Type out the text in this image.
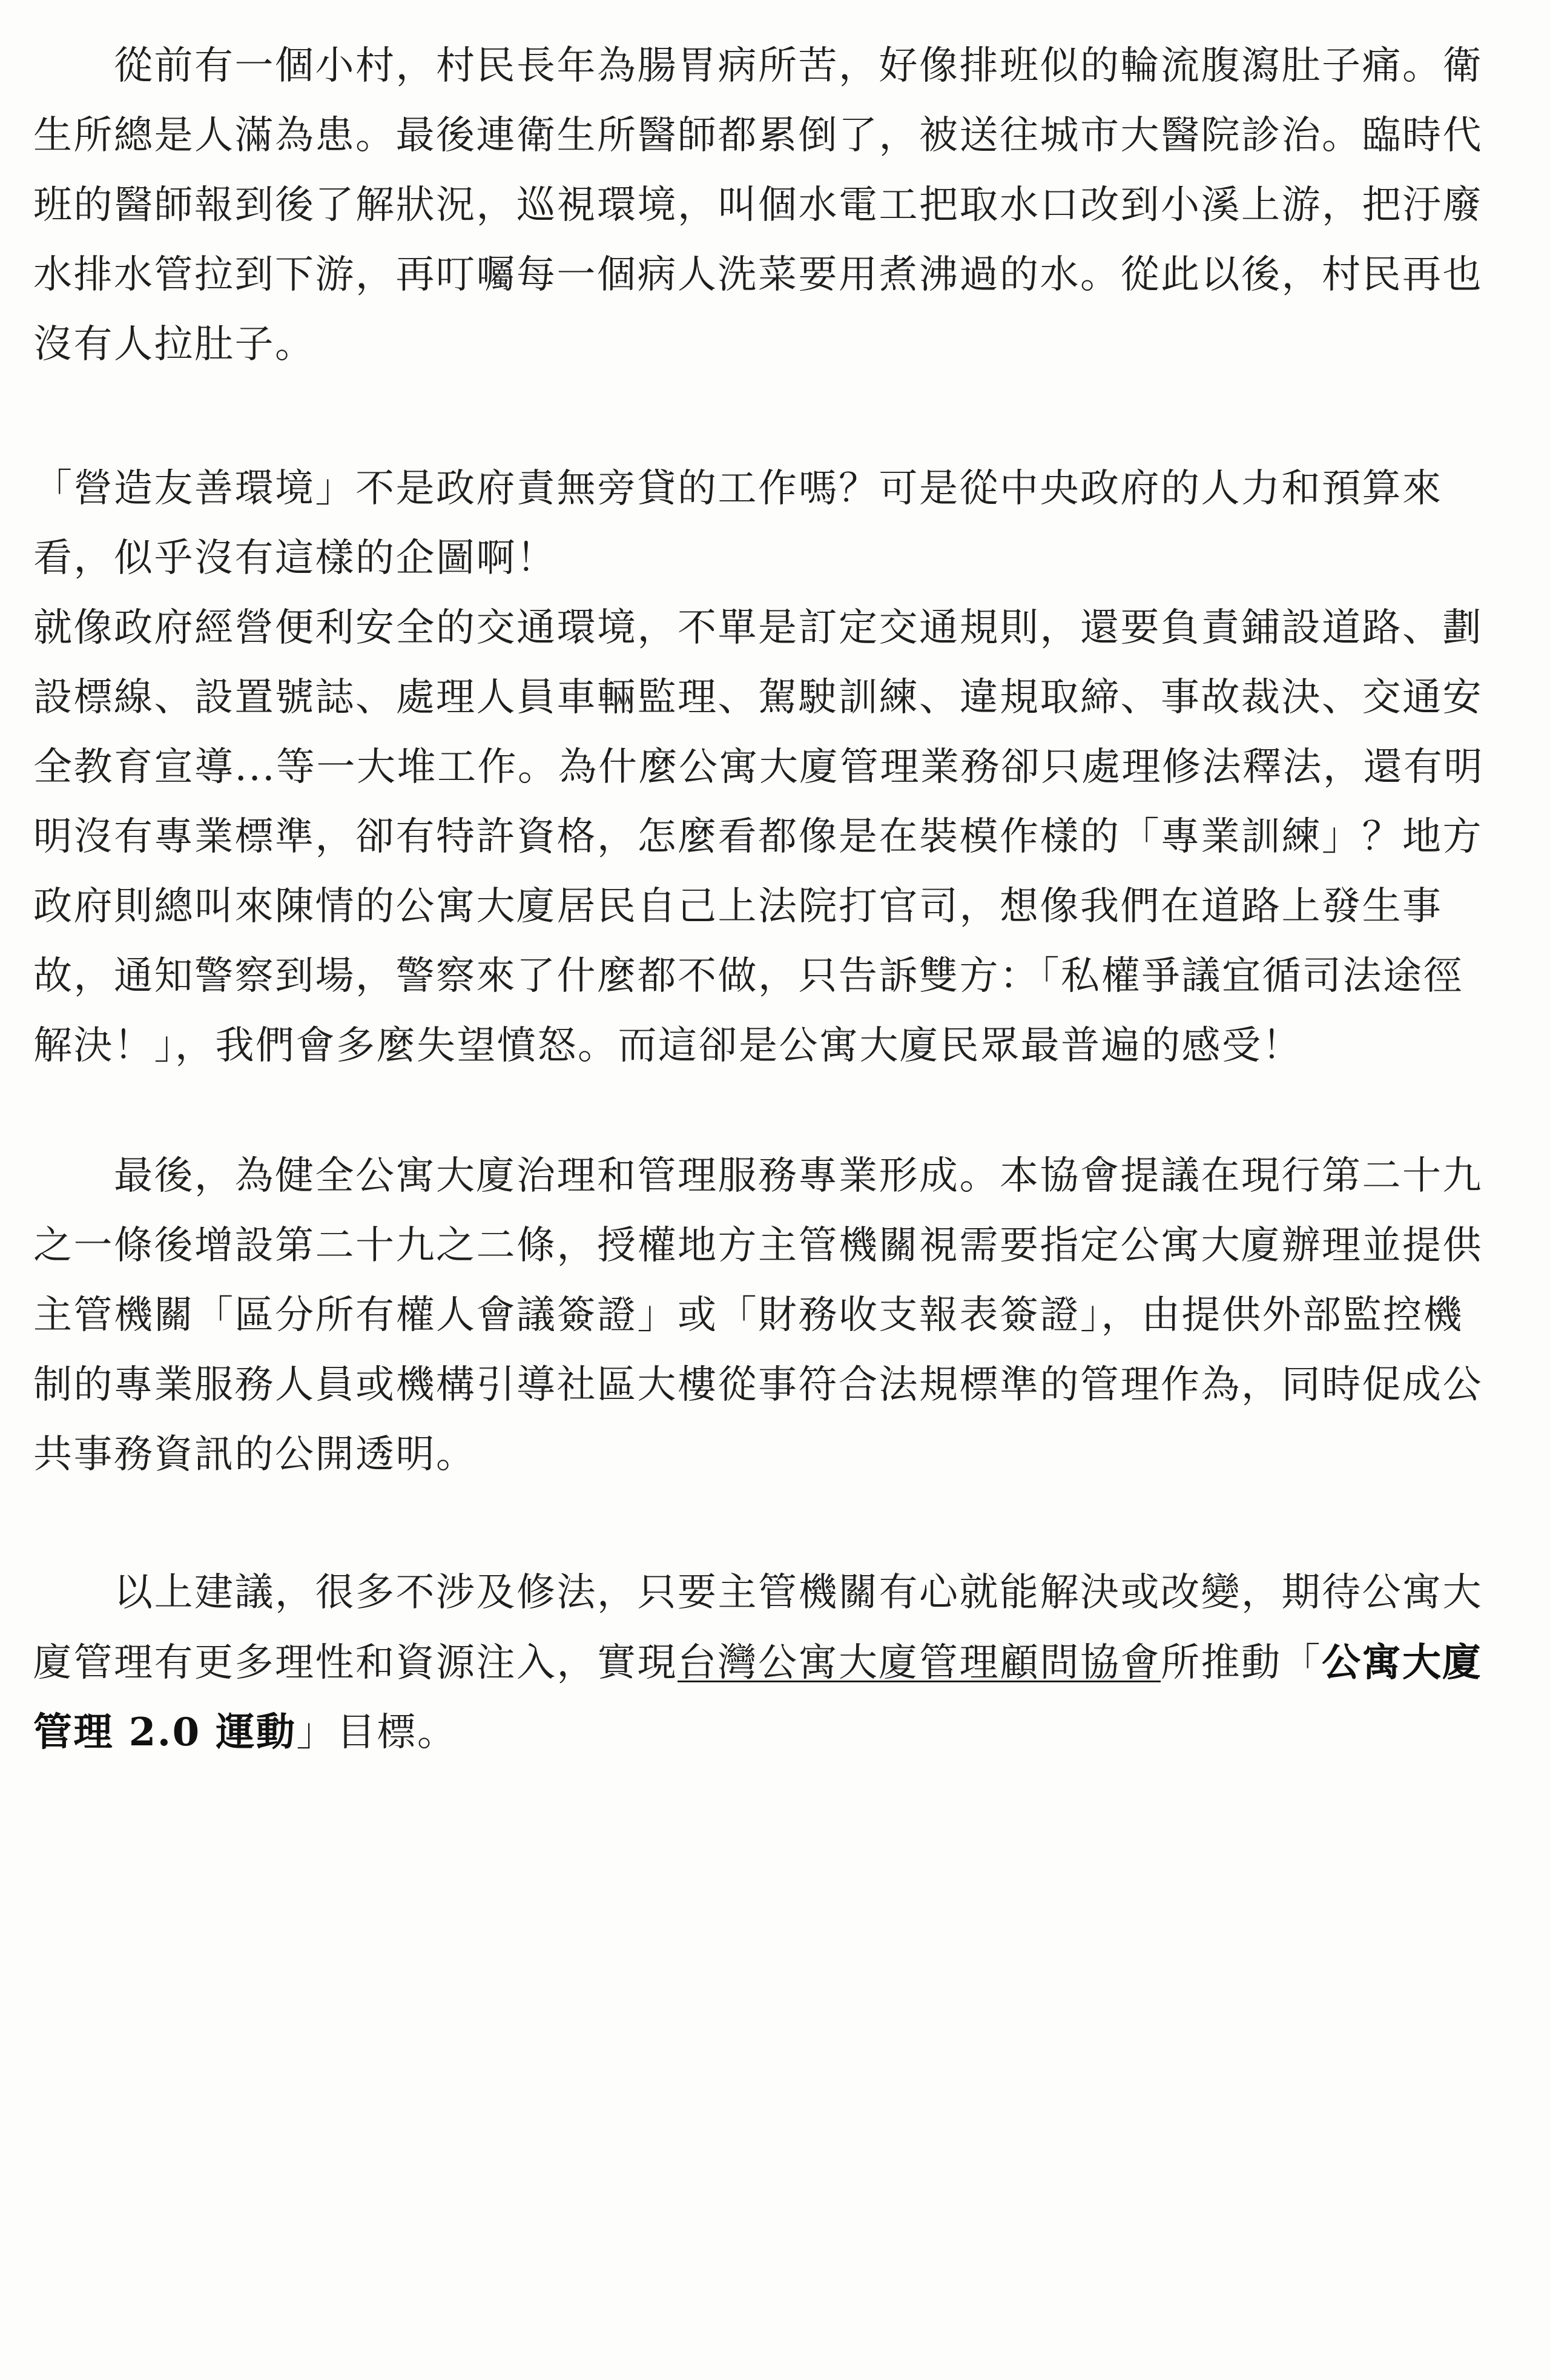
從前有一個小村，村民長年為腸胃病所苦，好像排班似的輪流腹瀉肚子痛。衛
生所總是人滿為患。最後連衛生所醫師都累倒了，被送往城市大醫院診治。臨時代
班的醫師報到後了解狀況，巡視環境，叫個水電工把取水口改到小溪上游，把汙廢
水排水管拉到下游，再叮囑每一個病人洗菜要用煮沸過的水。從此以後，村民再也
沒有人拉肚子。
「營造友善環境」不是政府責無旁貸的工作嗎？可是從中央政府的人力和預算來
看，似乎沒有這樣的企圖啊！
就像政府經營便利安全的交通環境，不單是訂定交通規則，還要負責鋪設道路、劃
設標線、設置號誌、處理人員車輛監理、駕駛訓練、違規取締、事故裁決、交通安
全教育宣導...等一大堆工作。為什麼公寓大廈管理業務卻只處理修法釋法，還有明
明沒有專業標準，卻有特許資格，怎麼看都像是在裝模作樣的「專業訓練」？地方
政府則總叫來陳情的公寓大廈居民自己上法院打官司，想像我們在道路上發生事
故，通知警察到場，警察來了什麼都不做，只告訴雙方：「私權爭議宜循司法途徑
解決！」，我們會多麼失望憤怒。而這卻是公寓大廈民眾最普遍的感受！
最後，為健全公寓大廈治理和管理服務專業形成。本協會提議在現行第二十九
之一條後增設第二十九之二條，授權地方主管機關視需要指定公寓大廈辦理並提供
主管機關「區分所有權人會議簽證」或「財務收支報表簽證」，由提供外部監控機
制的專業服務人員或機構引導社區大樓從事符合法規標準的管理作為，同時促成公
共事務資訊的公開透明。
以上建議，很多不涉及修法，只要主管機關有心就能解決或改變，期待公寓大
廈管理有更多理性和資源注入，實現台灣公寓大廈管理顧問協會所推動「公寓大廈
管理 2.0 運動」目標。
